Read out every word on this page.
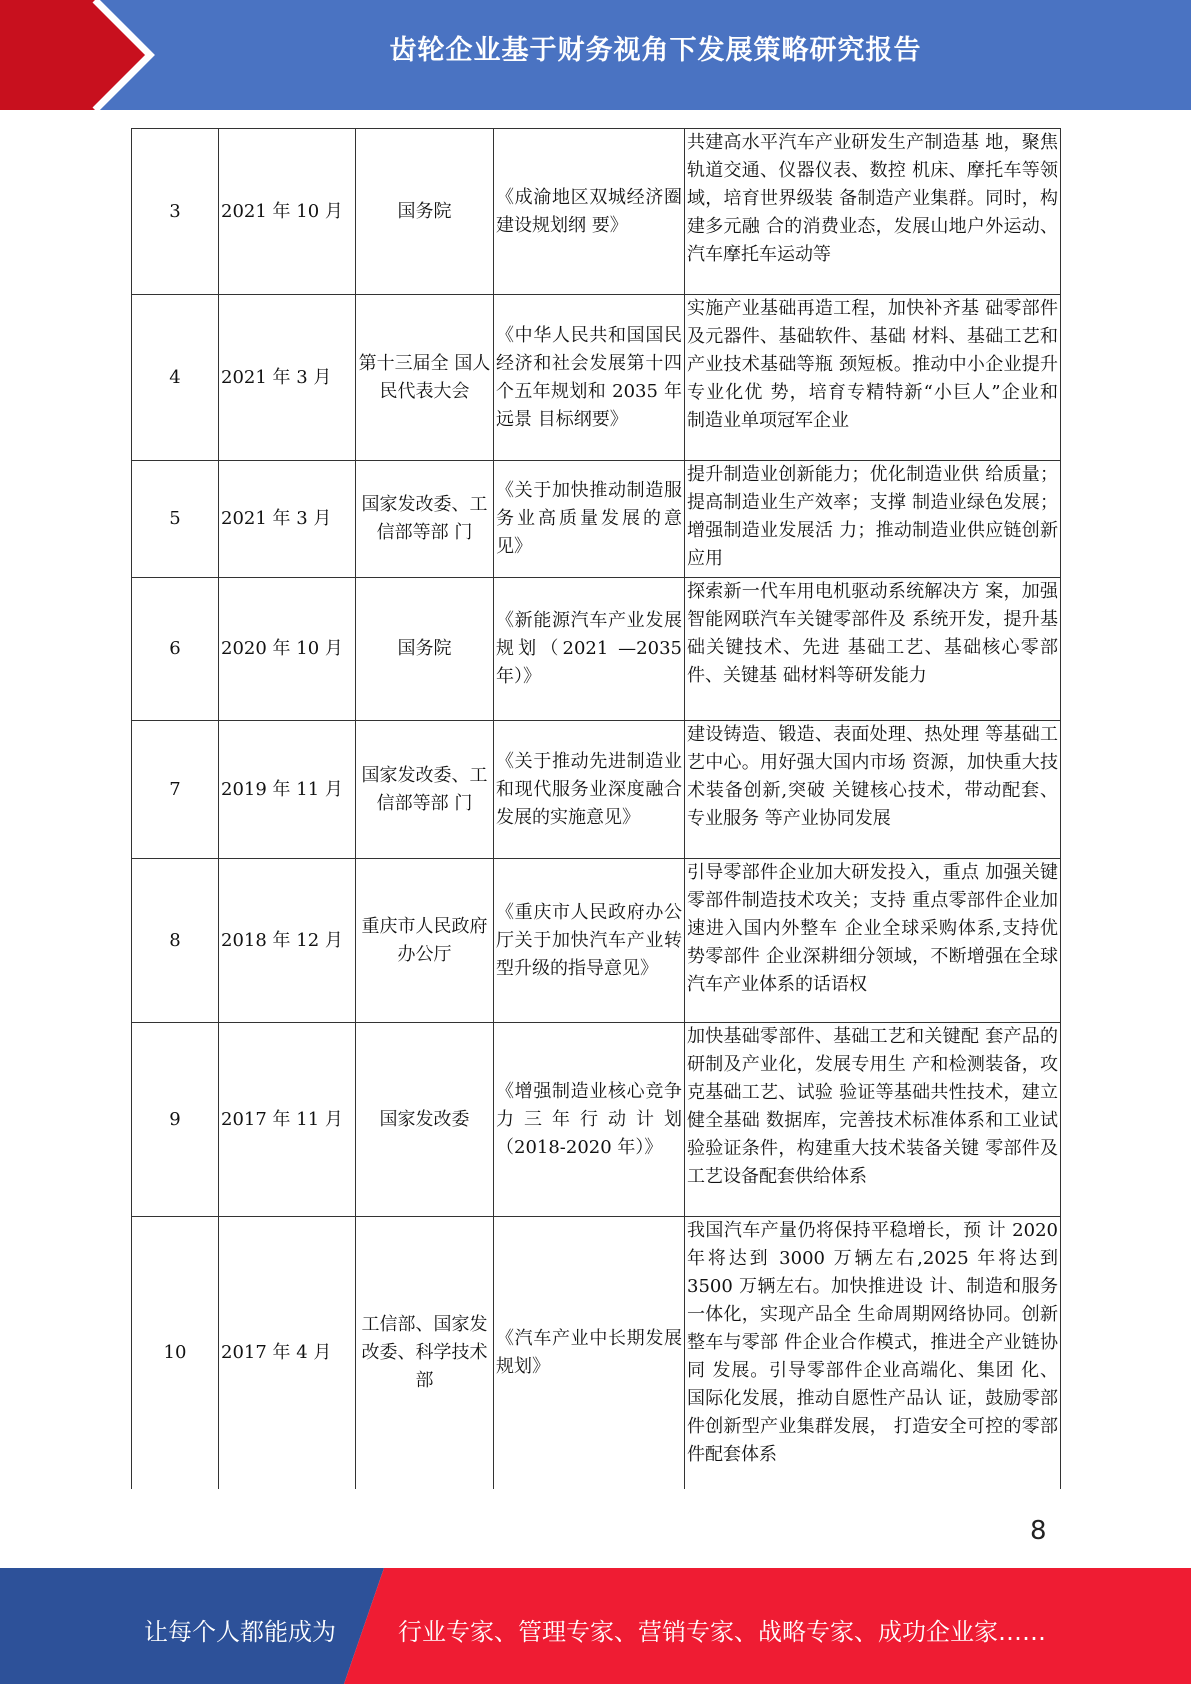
齿轮企业基于财务视角下发展策略研究报告
3	2021 年 10 月	国务院	《成渝地区双城经济圈建设规划纲 要》	共建高水平汽车产业研发生产制造基 地，聚焦轨道交通、仪器仪表、数控 机床、摩托车等领域，培育世界级装 备制造产业集群。同时，构建多元融 合的消费业态，发展山地户外运动、 汽车摩托车运动等
4	2021 年 3 月	第十三届全 国人民代表大会	《中华人民共和国国民经济和社会发展第十四个五年规划和 2035 年远景 目标纲要》	实施产业基础再造工程，加快补齐基 础零部件及元器件、基础软件、基础 材料、基础工艺和产业技术基础等瓶 颈短板。推动中小企业提升专业化优 势，培育专精特新“小巨人”企业和 制造业单项冠军企业
5	2021 年 3 月	国家发改委、工信部等部 门	《关于加快推动制造服务业高质量发展的意见》	提升制造业创新能力；优化制造业供 给质量；提高制造业生产效率；支撑 制造业绿色发展；增强制造业发展活 力；推动制造业供应链创新应用
6	2020 年 10 月	国务院	《新能源汽车产业发展规划（2021 —2035 年）》	探索新一代车用电机驱动系统解决方 案，加强智能网联汽车关键零部件及 系统开发，提升基础关键技术、先进 基础工艺、基础核心零部件、关键基 础材料等研发能力
7	2019 年 11 月	国家发改委、工信部等部 门	《关于推动先进制造业和现代服务业深度融合发展的实施意见》	建设铸造、锻造、表面处理、热处理 等基础工艺中心。用好强大国内市场 资源，加快重大技术装备创新,突破 关键核心技术，带动配套、专业服务 等产业协同发展
8	2018 年 12 月	重庆市人民政府办公厅	《重庆市人民政府办公厅关于加快汽车产业转型升级的指导意见》	引导零部件企业加大研发投入，重点 加强关键零部件制造技术攻关；支持 重点零部件企业加速进入国内外整车 企业全球采购体系,支持优势零部件 企业深耕细分领域，不断增强在全球 汽车产业体系的话语权
9	2017 年 11 月	国家发改委	《增强制造业核心竞争力三年行动计划（2018-2020 年）》	加快基础零部件、基础工艺和关键配 套产品的研制及产业化，发展专用生 产和检测装备，攻克基础工艺、试验 验证等基础共性技术，建立健全基础 数据库，完善技术标准体系和工业试 验验证条件，构建重大技术装备关键 零部件及工艺设备配套供给体系
10	2017 年 4 月	工信部、国家发改委、科学技术部	《汽车产业中长期发展规划》	我国汽车产量仍将保持平稳增长，预 计 2020 年将达到 3000 万辆左右,2025 年将达到 3500 万辆左右。加快推进设 计、制造和服务一体化，实现产品全 生命周期网络协同。创新整车与零部 件企业合作模式，推进全产业链协同 发展。引导零部件企业高端化、集团 化、国际化发展，推动自愿性产品认 证，鼓励零部件创新型产业集群发展， 打造安全可控的零部件配套体系
8
让每个人都能成为	行业专家、管理专家、营销专家、战略专家、成功企业家……
